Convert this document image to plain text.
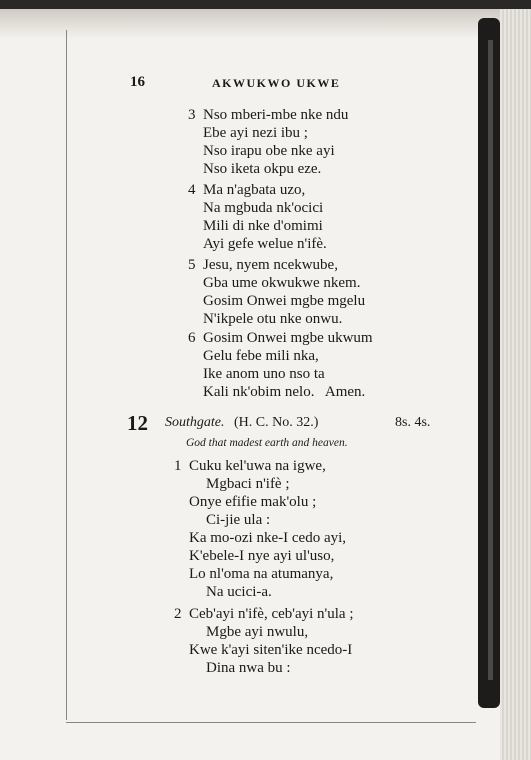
16	AKWUKWO UKWE
3 Nso mberi-mbe nke ndu
Ebe ayi nezi ibu ;
Nso irapu obe nke ayi
Nso iketa okpu eze.
4 Ma n'agbata uzo,
Na mgbuda nk'ocici
Mili di nke d'omimi
Ayi gefe welue n'ifè.
5 Jesu, nyem ncekwube,
Gba ume okwukwe nkem.
Gosim Onwei mgbe mgelu
N'ikpele otu nke onwu.
6 Gosim Onwei mgbe ukwum
Gelu febe mili nka,
Ike anom uno nso ta
Kali nk'obim nelo.   Amen.
12 Southgate. (H. C. No. 32.)	8s. 4s.
God that madest earth and heaven.
1 Cuku kel'uwa na igwe,
Mgbaci n'ifè ;
Onye efifie mak'olu ;
Ci-jie ula :
Ka mo-ozi nke-I cedo ayi,
K'ebele-I nye ayi ul'uso,
Lo nl'oma na atumanya,
Na ucici-a.
2 Ceb'ayi n'ifè, ceb'ayi n'ula ;
Mgbe ayi nwulu,
Kwe k'ayi siten'ike ncedo-I
Dina nwa bu :
